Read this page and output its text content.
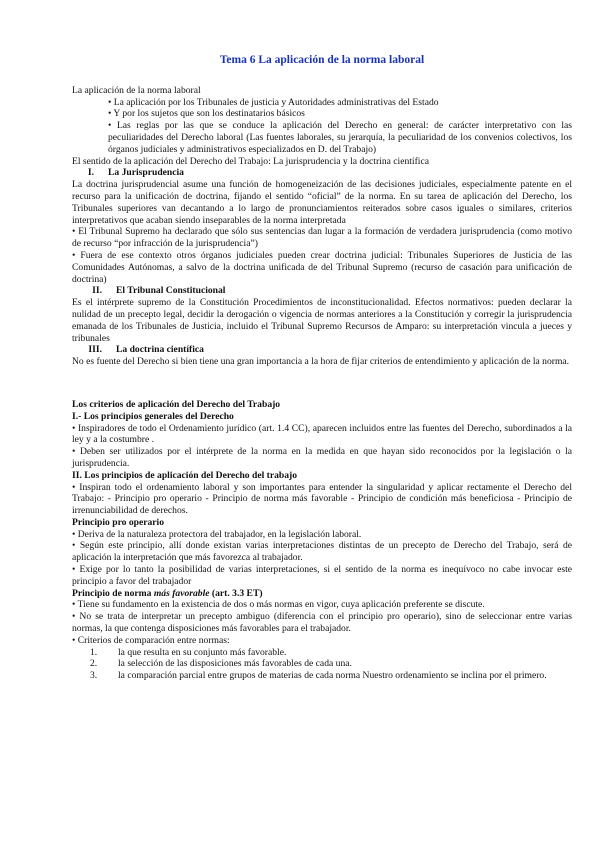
Tema 6 La aplicación de la norma laboral

La aplicación de la norma laboral

• La aplicación por los Tribunales de justicia y Autoridades administrativas del Estado

• Y por los sujetos que son los destinatarios básicos

• Las reglas por las que se conduce la aplicación del Derecho en general: de carácter interpretativo con las peculiaridades del Derecho laboral (Las fuentes laborales, su jerarquía, la peculiaridad de los convenios colectivos, los órganos judiciales y administrativos especializados en D. del Trabajo)

El sentido de la aplicación del Derecho del Trabajo: La jurisprudencia y la doctrina científica

I.	La Jurisprudencia

La doctrina jurisprudencial asume una función de homogeneización de las decisiones judiciales, especialmente patente en el recurso para la unificación de doctrina, fijando el sentido “oficial” de la norma. En su tarea de aplicación del Derecho, los Tribunales superiores van decantando a lo largo de pronunciamientos reiterados sobre casos iguales o similares, criterios interpretativos que acaban siendo inseparables de la norma interpretada

• El Tribunal Supremo ha declarado que sólo sus sentencias dan lugar a la formación de verdadera jurisprudencia (como motivo de recurso “por infracción de la jurisprudencia”)

• Fuera de ese contexto otros órganos judiciales pueden crear doctrina judicial: Tribunales Superiores de Justicia de las Comunidades Autónomas, a salvo de la doctrina unificada de del Tribunal Supremo (recurso de casación para unificación de doctrina)

II.	El Tribunal Constitucional

Es el intérprete supremo de la Constitución Procedimientos de inconstitucionalidad. Efectos normativos: pueden declarar la nulidad de un precepto legal, decidir la derogación o vigencia de normas anteriores a la Constitución y corregir la jurisprudencia emanada de los Tribunales de Justicia, incluido el Tribunal Supremo Recursos de Amparo: su interpretación vincula a jueces y tribunales

III.	La doctrina científica

No es fuente del Derecho si bien tiene una gran importancia a la hora de fijar criterios de entendimiento y aplicación de la norma.

Los criterios de aplicación del Derecho del Trabajo

I.- Los principios generales del Derecho

• Inspiradores de todo el Ordenamiento jurídico (art. 1.4 CC), aparecen incluidos entre las fuentes del Derecho, subordinados a la ley y a la costumbre .

• Deben ser utilizados por el intérprete de la norma en la medida en que hayan sido reconocidos por la legislación o la jurisprudencia.

II. Los principios de aplicación del Derecho del trabajo

• Inspiran todo el ordenamiento laboral y son importantes para entender la singularidad y aplicar rectamente el Derecho del Trabajo: - Principio pro operario - Principio de norma más favorable - Principio de condición más beneficiosa - Principio de irrenunciabilidad de derechos.

Principio pro operario

• Deriva de la naturaleza protectora del trabajador, en la legislación laboral.

• Según este principio, allí donde existan varias interpretaciones distintas de un precepto de Derecho del Trabajo, será de aplicación la interpretación que más favorezca al trabajador.

• Exige por lo tanto la posibilidad de varias interpretaciones, si el sentido de la norma es inequívoco no cabe invocar este principio a favor del trabajador

Principio de norma más favorable (art. 3.3 ET)

• Tiene su fundamento en la existencia de dos o más normas en vigor, cuya aplicación preferente se discute.

• No se trata de interpretar un precepto ambiguo (diferencia con el principio pro operario), sino de seleccionar entre varias normas, la que contenga disposiciones más favorables para el trabajador.

• Criterios de comparación entre normas:

1.	la que resulta en su conjunto más favorable.
2.	la selección de las disposiciones más favorables de cada una.
3.	la comparación parcial entre grupos de materias de cada norma Nuestro ordenamiento se inclina por el primero.
